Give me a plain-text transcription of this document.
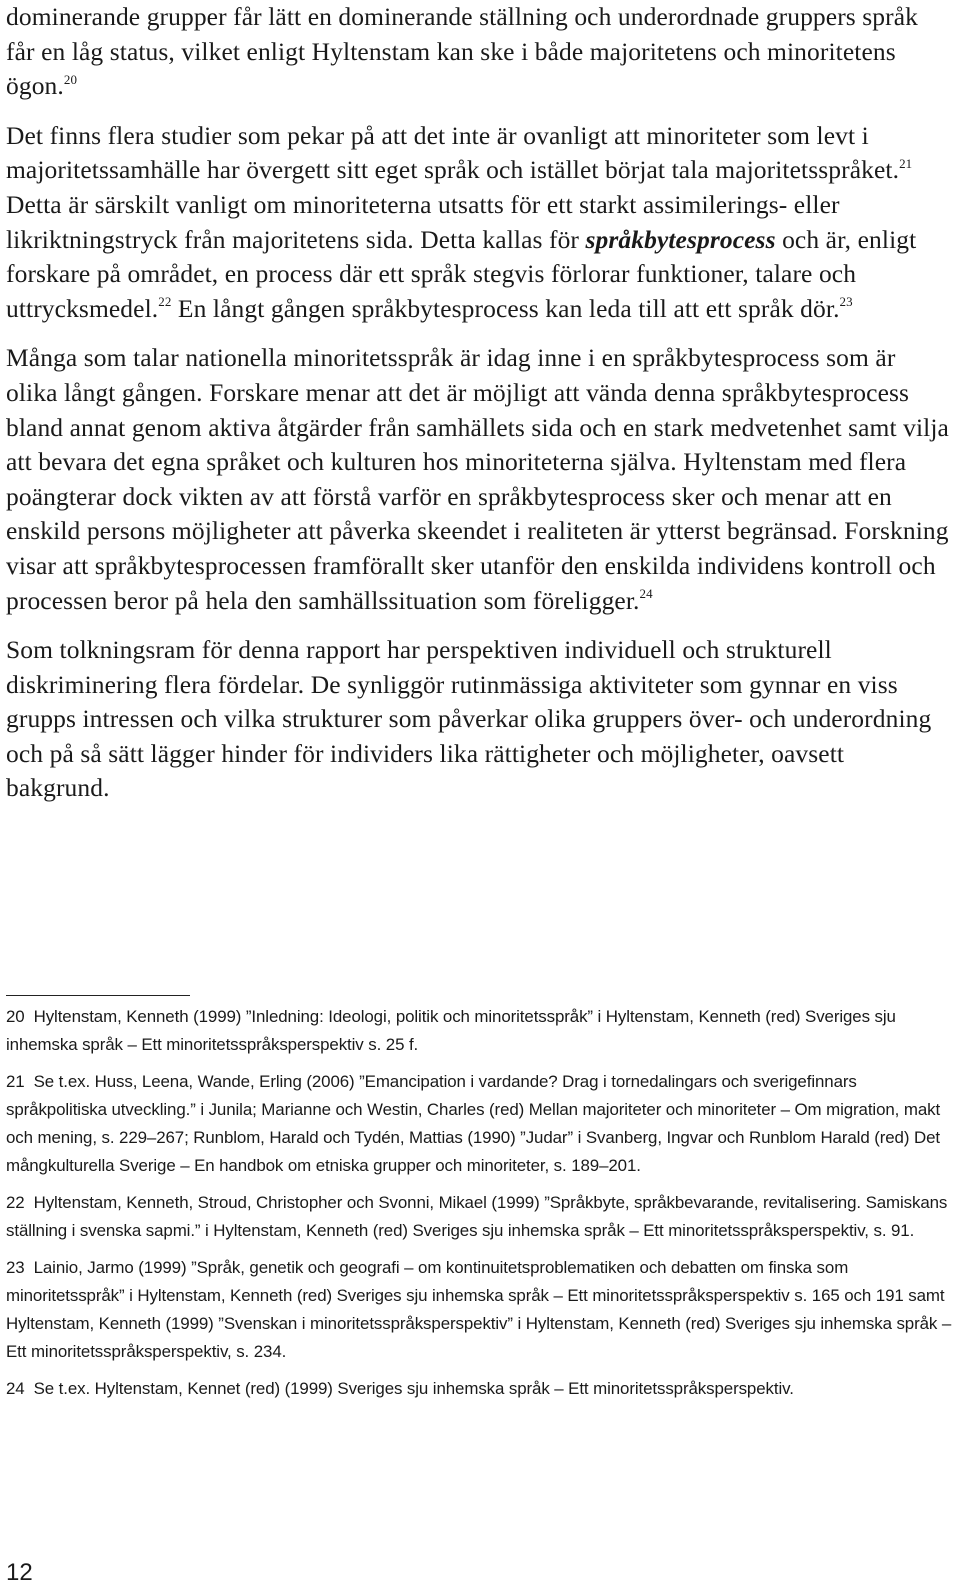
dominerande grupper får lätt en dominerande ställning och underordnade gruppers språk får en låg status, vilket enligt Hyltenstam kan ske i både majoritetens och minoritetens ögon.$^{20}$

Det finns flera studier som pekar på att det inte är ovanligt att minoriteter som levt i majoritetssamhälle har övergett sitt eget språk och istället börjat tala majoritetsspråket.$^{21}$ Detta är särskilt vanligt om minoriteterna utsatts för ett starkt assimilerings- eller likriktningstryck från majoritetens sida. Detta kallas för språkbytesprocess och är, enligt forskare på området, en process där ett språk stegvis förlorar funktioner, talare och uttrycksmedel.$^{22}$ En långt gången språkbytesprocess kan leda till att ett språk dör.$^{23}$

Många som talar nationella minoritetsspråk är idag inne i en språkbytesprocess som är olika långt gången. Forskare menar att det är möjligt att vända denna språkbytesprocess bland annat genom aktiva åtgärder från samhällets sida och en stark medvetenhet samt vilja att bevara det egna språket och kulturen hos minoriteterna själva. Hyltenstam med flera poängterar dock vikten av att förstå varför en språkbytesprocess sker och menar att en enskild persons möjligheter att påverka skeendet i realiteten är ytterst begränsad. Forskning visar att språkbytesprocessen framförallt sker utanför den enskilda individens kontroll och processen beror på hela den samhällssituation som föreligger.$^{24}$

Som tolkningsram för denna rapport har perspektiven individuell och strukturell diskriminering flera fördelar. De synliggör rutinmässiga aktiviteter som gynnar en viss grupps intressen och vilka strukturer som påverkar olika gruppers över- och underordning och på så sätt lägger hinder för individers lika rättigheter och möjligheter, oavsett bakgrund.

20 Hyltenstam, Kenneth (1999) ”Inledning: Ideologi, politik och minoritetsspråk” i Hyltenstam, Kenneth (red) Sveriges sju inhemska språk – Ett minoritetsspråksperspektiv s. 25 f.
21 Se t.ex. Huss, Leena, Wande, Erling (2006) ”Emancipation i vardande? Drag i tornedalingars och sverigefinnars språkpolitiska utveckling.” i Junila; Marianne och Westin, Charles (red) Mellan majoriteter och minoriteter – Om migration, makt och mening, s. 229–267; Runblom, Harald och Tydén, Mattias (1990) ”Judar” i Svanberg, Ingvar och Runblom Harald (red) Det mångkulturella Sverige – En handbok om etniska grupper och minoriteter, s. 189–201.
22 Hyltenstam, Kenneth, Stroud, Christopher och Svonni, Mikael (1999) ”Språkbyte, språkbevarande, revitalisering. Samiskans ställning i svenska sapmi.” i Hyltenstam, Kenneth (red) Sveriges sju inhemska språk – Ett minoritetsspråksperspektiv, s. 91.
23 Lainio, Jarmo (1999) ”Språk, genetik och geografi – om kontinuitetsproblematiken och debatten om finska som minoritetsspråk” i Hyltenstam, Kenneth (red) Sveriges sju inhemska språk – Ett minoritetsspråksperspektiv s. 165 och 191 samt Hyltenstam, Kenneth (1999) ”Svenskan i minoritetsspråksperspektiv” i Hyltenstam, Kenneth (red) Sveriges sju inhemska språk – Ett minoritetsspråksperspektiv, s. 234.
24 Se t.ex. Hyltenstam, Kennet (red) (1999) Sveriges sju inhemska språk – Ett minoritetsspråksperspektiv.
12
